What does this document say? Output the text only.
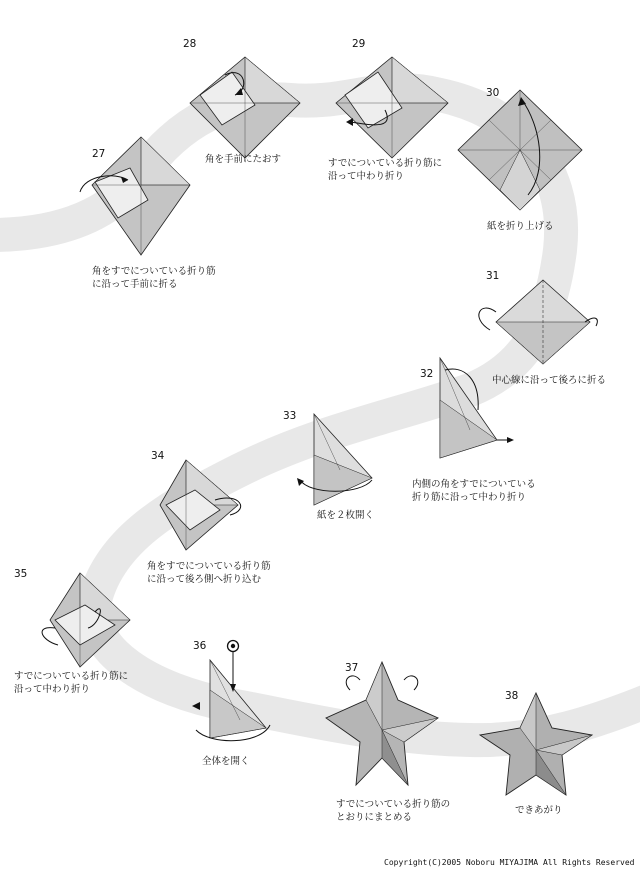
27
28	29
30
31
32
33
34
35
36
37
38
角をすでについている折り筋
に沿って手前に折る
角を手前にたおす	すでについている折り筋に
沿って中わり折り
紙を折り上げる
中心線に沿って後ろに折る
内側の角をすでについている
折り筋に沿って中わり折り
紙を２枚開く
角をすでについている折り筋
に沿って後ろ側へ折り込む
すでについている折り筋に
沿って中わり折り
全体を開く
すでについている折り筋の
とおりにまとめる
できあがり
Copyright(C)2005 Noboru MIYAJIMA All Rights Reserved
